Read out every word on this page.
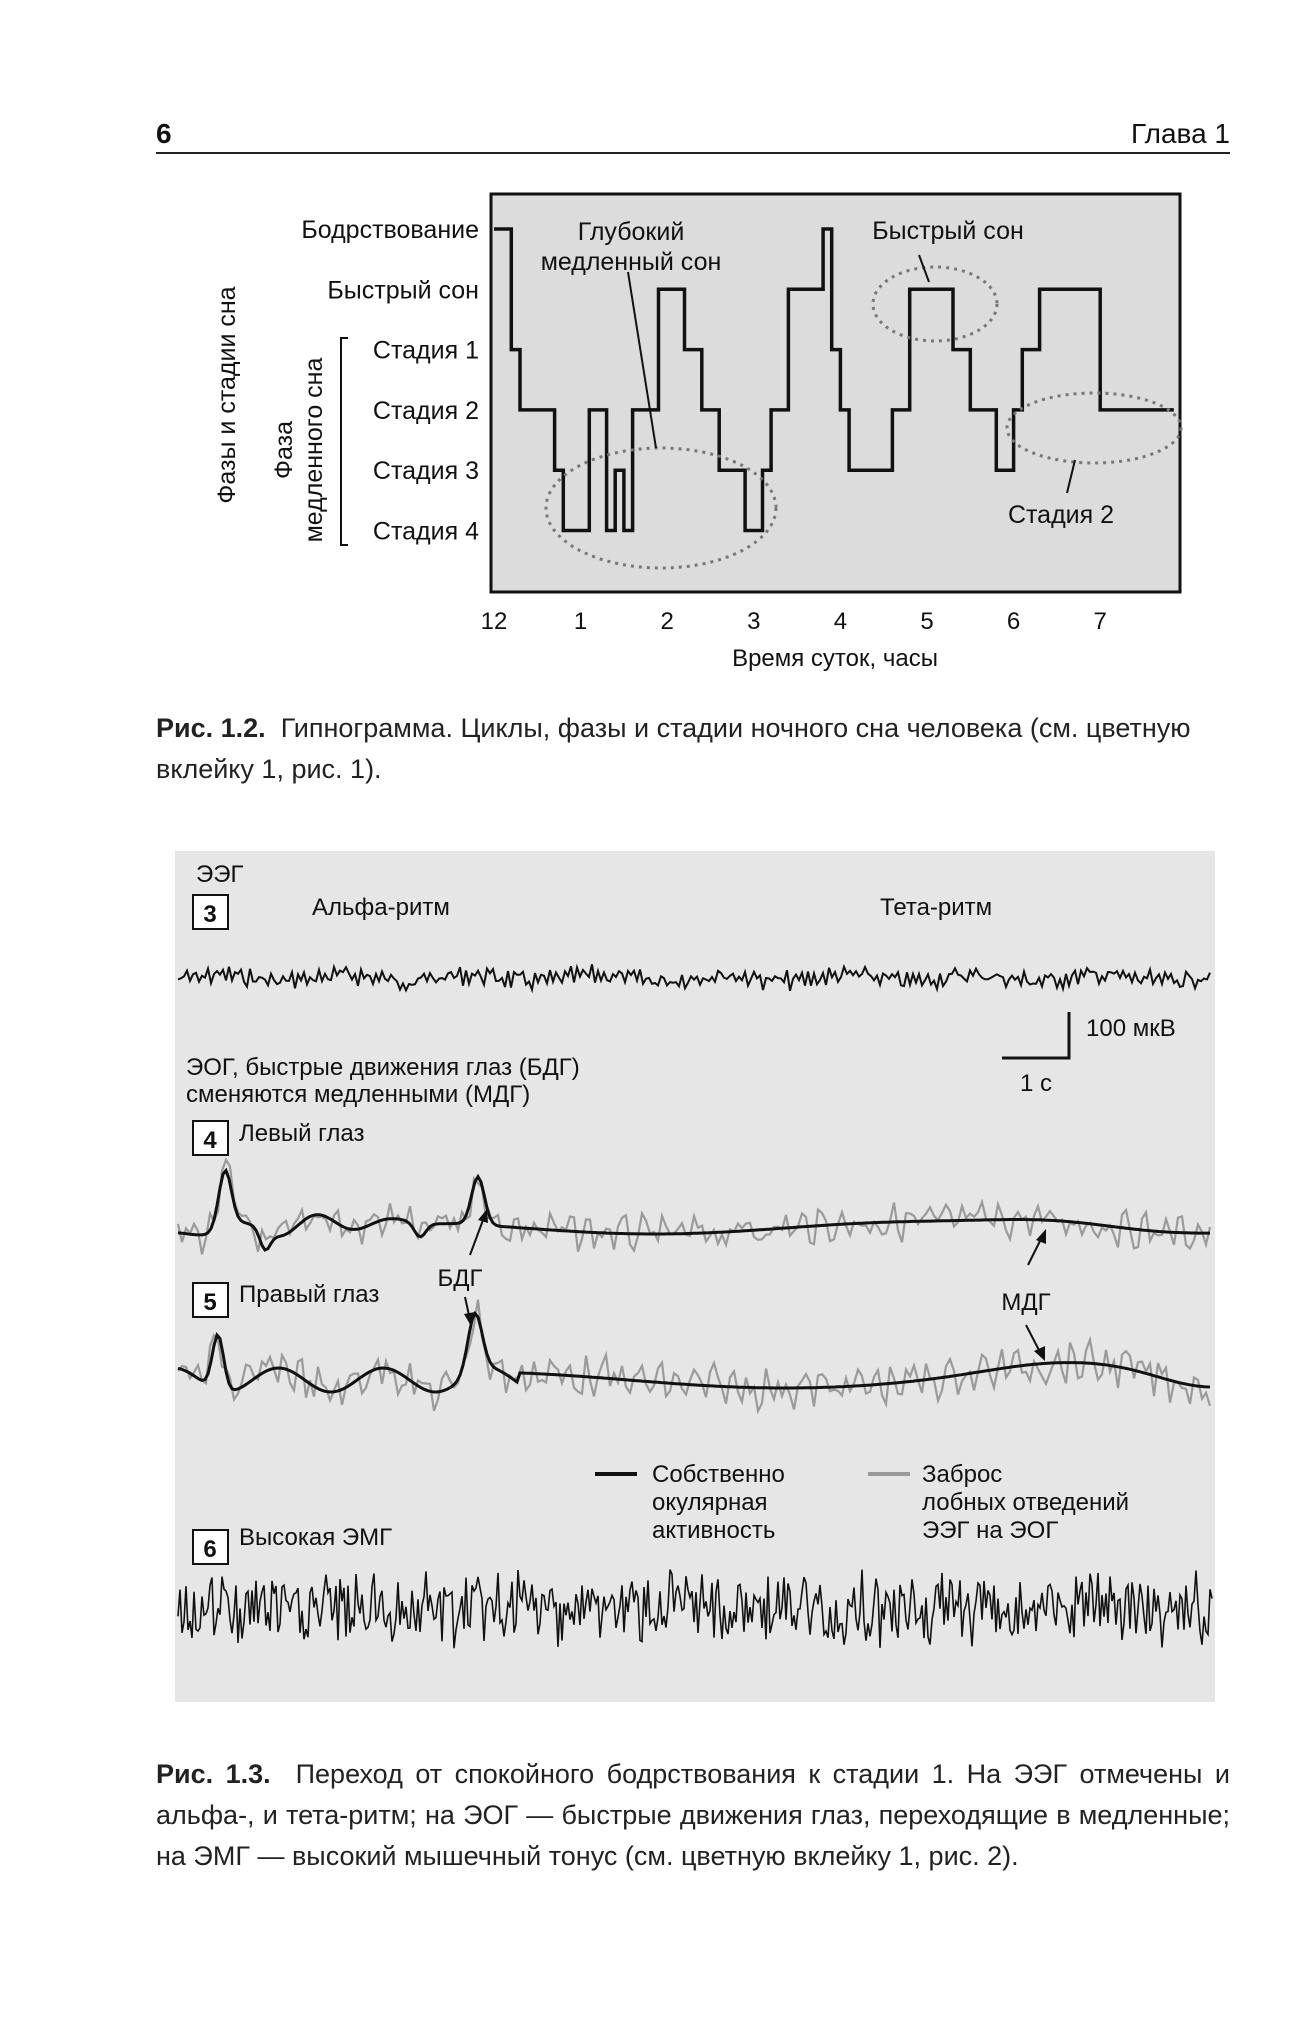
6	Глава 1
Фазы и стадии сна Фаза медленного сна
Бодрствование
Быстрый сон
Стадия 1
Стадия 2
Стадия 3
Стадия 4
12	1	2	3	4	5	6	7
Время суток, часы
Глубокий
медленный сон
Быстрый сон
Стадия 2
Рис. 1.2. Гипнограмма. Циклы, фазы и стадии ночного сна человека (см. цветную вклейку 1, рис. 1).
ЭЭГ
3	Альфа-ритм	Тета-ритм
100 мкВ
1 с
ЭОГ, быстрые движения глаз (БДГ)
сменяются медленными (МДГ)
4 Левый глаз
5 Правый глаз
БДГ
МДГ
Собственно
окулярная
активность
Заброс
лобных отведений
ЭЭГ на ЭОГ
6 Высокая ЭМГ
Рис. 1.3. Переход от спокойного бодрствования к стадии 1. На ЭЭГ отмечены и альфа-, и тета-ритм; на ЭОГ — быстрые движения глаз, переходящие в медленные; на ЭМГ — высокий мышечный тонус (см. цветную вклейку 1, рис. 2).
